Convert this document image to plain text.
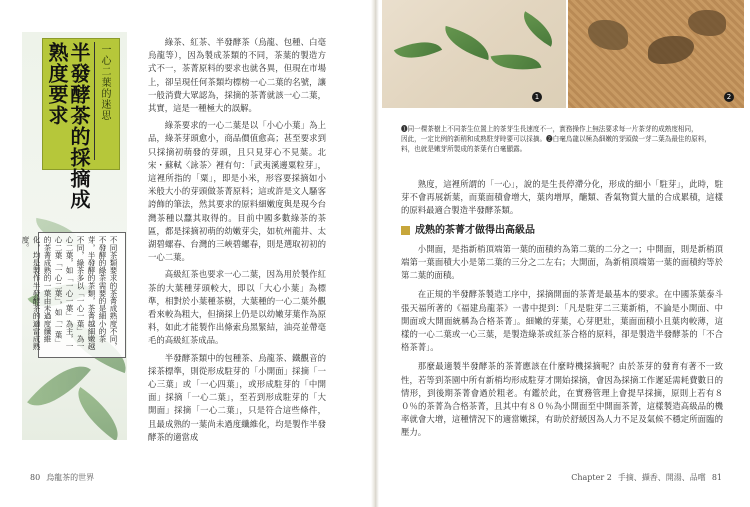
半發酵茶的採摘成熟度要求	一心二葉的迷思
不同茶類要求的茶菁成熟度不同，不發酵的綠茶需要的是細小的茶芽，半發酵的茶類，茶菁越細嫩越不同，綠茶多以「一心一葉」為一心二葉，如「一心一葉」為主，一心二葉「一心二葉」，如「一葉」的茶菁成熟的一葉由未過度纖維化，均是製作半發酵茶的適當成熟度。

綠茶、紅茶、半發酵茶（烏龍、包種、白毫烏龍等），因為製成茶類的不同，茶葉的製造方式不一，茶菁原料的要求也就各異，但現在市場上，卻呈現任何茶類均標榜一心二葉的名號，讓一般消費大眾認為，採摘的茶菁就該一心二葉，其實，這是一種極大的誤解。

綠茶要求的一心二葉是以「小心小葉」為上品，綠茶芽頭愈小，商品價值愈高；甚至要求到只採摘初萌發的芽頭，且只見芽心不見葉。北宋・蘇軾〈詠茶〉裡有句：「武夷溪邊粟粒芽」，這裡所指的「粟」，即是小米，形容要採摘如小米般大小的芽頭做茶菁原料；這或許是文人騷客誇飾的筆法，然其要求的原料細嫩度與是現今台灣茶種以蠶其取得的。目前中國多數綠茶的茶區，都是採摘初萌的幼嫩芽尖，如杭州龍井、太湖碧螺春、台灣的三峽碧螺春，則是選取初初的一心二葉。

高級紅茶也要求一心二葉，因為用於製作紅茶的大葉種芽頭較大，即以「大心小葉」為標準，相對於小葉種茶樹，大葉種的一心二葉外觀看來較為粗大，但摘採上仍是以幼嫩芽葉作為原料，如此才能製作出條索烏黑緊結，油亮並帶毫毛的高級紅茶成品。

半發酵茶類中的包種茶、烏龍茶、鐵觀音的採茶標準，則從形成駐芽的「小開面」採摘「一心三葉」或「一心四葉」，或形成駐芽的「中開面」採摘「一心二葉」，至若到形成駐芽的「大開面」採摘「一心二葉」，只是符合這些條件，且最成熟的一葉尚未過度纖維化，均是製作半發酵茶的適當成

80 烏龍茶的世界
1	2

❶同一棵茶樹上不同茶生位置上的茶芽生長速度不一，實務操作上無法要求每一片茶芽的成熟度相同，

因此，一定比例的新稍和成熟駐芽時要可以採摘。❷白毫烏龍以極為細嫩的芽頭做一芽二葉為最佳的原料，

料，也就是嫩芽所製成的茶葉有白毫顯露。

熟度，這裡所謂的「一心」，說的是生長停滯分化，形成的細小「駐芽」，此時，駐芽不會再展新葉，而葉面積會增大，葉肉增厚，醣類、香氣物質大量的合成累積，這樣的原料最適合製造半發酵茶類。

成熟的茶菁才做得出高級品

小開面，是指新梢頂端第一葉的面積約為第二葉的二分之一；中開面，則是新梢頂端第一葉面積大小是第二葉的三分之二左右；大開面，為新梢頂端第一葉的面積約等於第二葉的面積。

在正規的半發酵茶製造工序中，採摘開面的茶菁是最基本的要求。在中國茶葉泰斗張天福所著的《福建烏龍茶》一書中提到：「凡是駐芽二三葉新梢，不論是小開面、中開面或大開面統稱為合格茶菁」。細嫩的芽葉，心芽肥壯，葉面面積小且葉肉較薄，這樣的一心二葉或一心三葉，是製造綠茶或紅茶合格的原料，卻是製造半發酵茶的「不合格茶菁」。

那麼最適製半發酵茶的茶菁應該在什麼時機採摘呢？由於茶芽的發育有著不一致性，若等到茶園中所有新梢均形成駐芽才開始採摘，會因為採摘工作遲延需耗費數日的情形，到後期茶菁會過於粗老。有鑑於此，在實務管理上會提早採摘，原則上若有８０％的茶菁為合格茶菁，且其中有８０％為小開面至中開面茶菁，這樣製造高級品的機率就會大增，這種情況下的適當嫩採，有助於舒緩因為人力不足及氣候不穩定所面臨的壓力。

Chapter 2 手摘、擷香、開湯、品嚐 81
